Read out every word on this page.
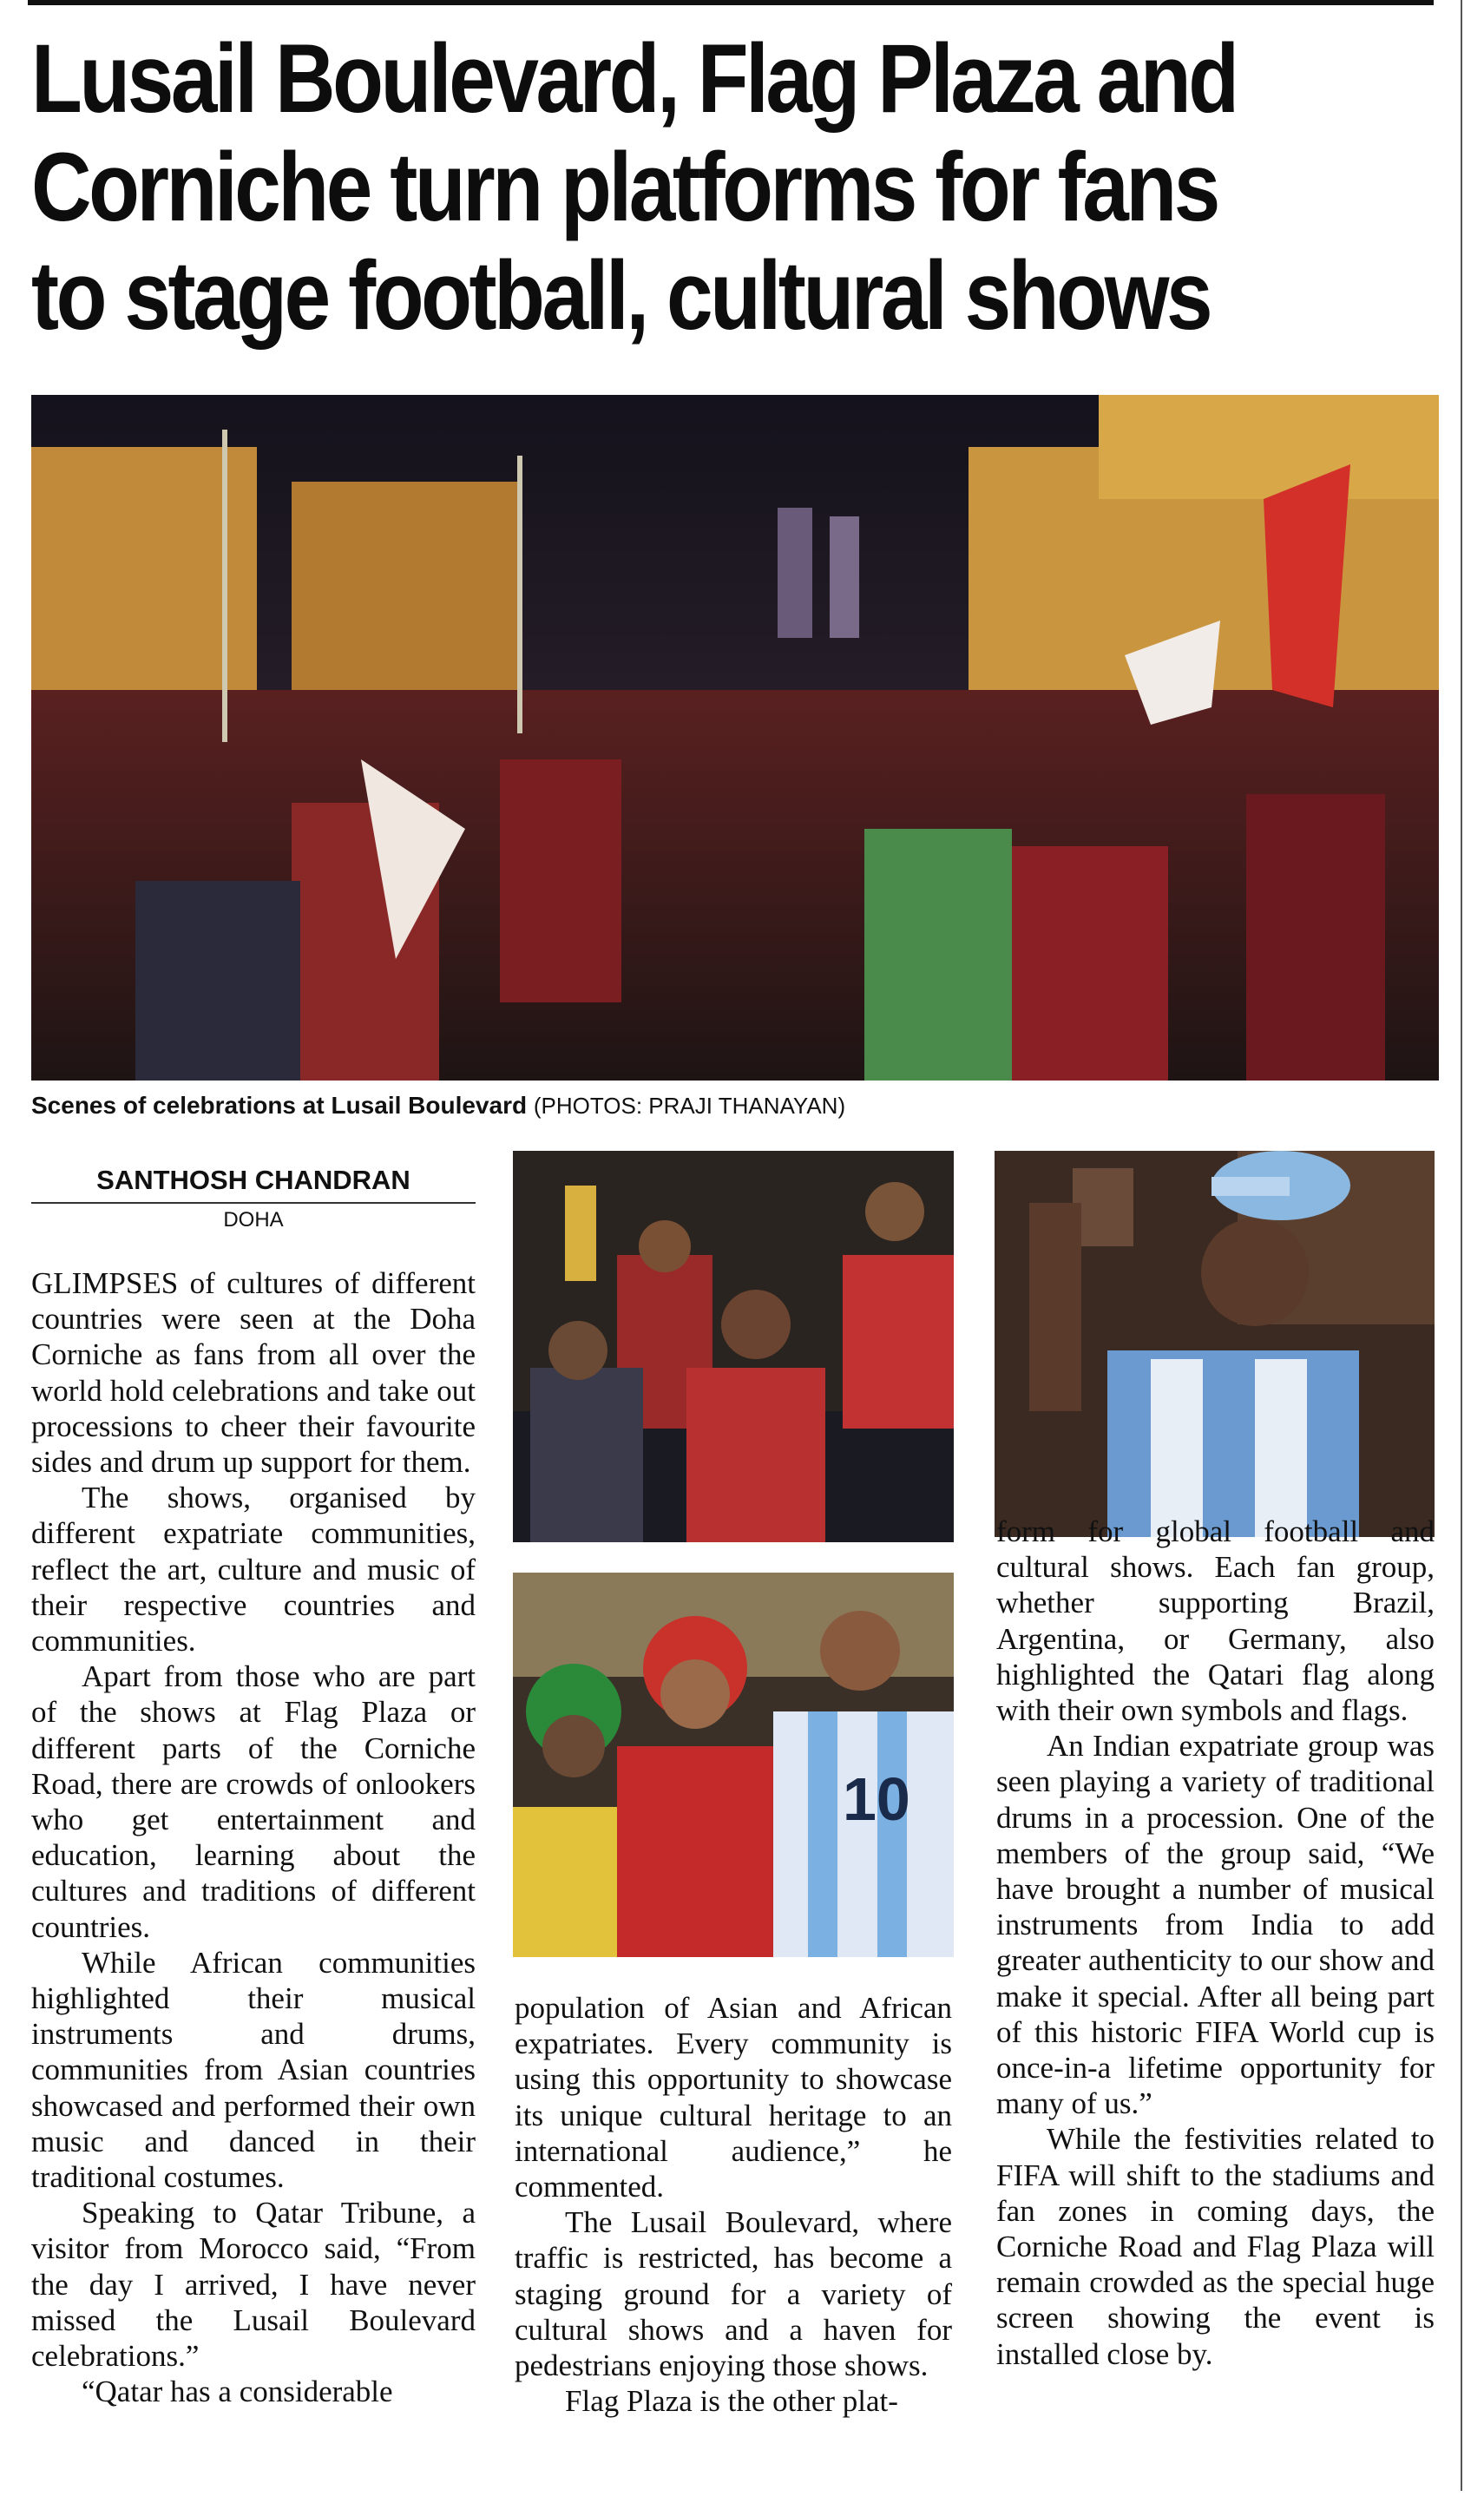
Lusail Boulevard, Flag Plaza and
Corniche turn platforms for fans
to stage football, cultural shows
Scenes of celebrations at Lusail Boulevard (PHOTOS: PRAJI THANAYAN)
SANTHOSH CHANDRAN
DOHA

GLIMPSES of cultures of different countries were seen at the Doha Corniche as fans from all over the world hold celebrations and take out processions to cheer their favourite sides and drum up support for them.

The shows, organised by different expatriate communities, reflect the art, culture and music of their respective countries and communities.

Apart from those who are part of the shows at Flag Plaza or different parts of the Corniche Road, there are crowds of onlookers who get entertainment and education, learning about the cultures and traditions of different countries.

While African communities highlighted their musical instruments and drums, communities from Asian countries showcased and performed their own music and danced in their traditional costumes.

Speaking to Qatar Tribune, a visitor from Morocco said, “From the day I arrived, I have never missed the Lusail Boulevard celebrations.”

“Qatar has a considerable

10

population of Asian and African expatriates. Every community is using this opportunity to showcase its unique cultural heritage to an international audience,” he commented.

The Lusail Boulevard, where traffic is restricted, has become a staging ground for a variety of cultural shows and a haven for pedestrians enjoying those shows.

Flag Plaza is the other plat-

form for global football and cultural shows. Each fan group, whether supporting Brazil, Argentina, or Germany, also highlighted the Qatari flag along with their own symbols and flags.

An Indian expatriate group was seen playing a variety of traditional drums in a procession. One of the members of the group said, “We have brought a number of musical instruments from India to add greater authenticity to our show and make it special. After all being part of this historic FIFA World cup is once-in-a lifetime opportunity for many of us.”

While the festivities related to FIFA will shift to the stadiums and fan zones in coming days, the Corniche Road and Flag Plaza will remain crowded as the special huge screen showing the event is installed close by.
